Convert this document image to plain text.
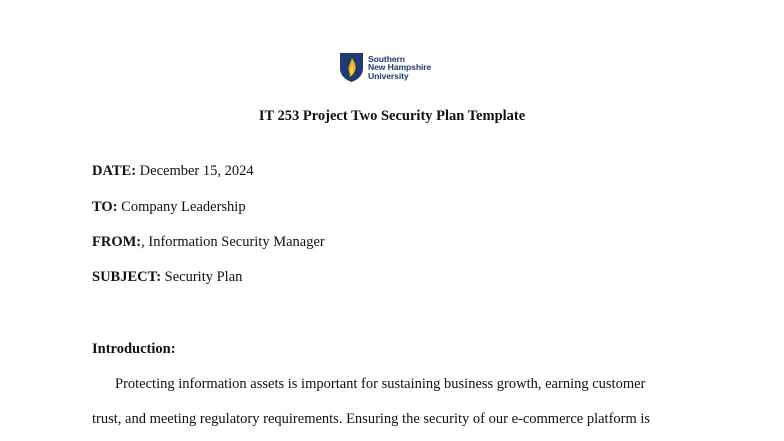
Southern
New Hampshire
University
IT 253 Project Two Security Plan Template
DATE: December 15, 2024
TO: Company Leadership
FROM:, Information Security Manager
SUBJECT: Security Plan
Introduction:
Protecting information assets is important for sustaining business growth, earning customer
trust, and meeting regulatory requirements. Ensuring the security of our e-commerce platform is
